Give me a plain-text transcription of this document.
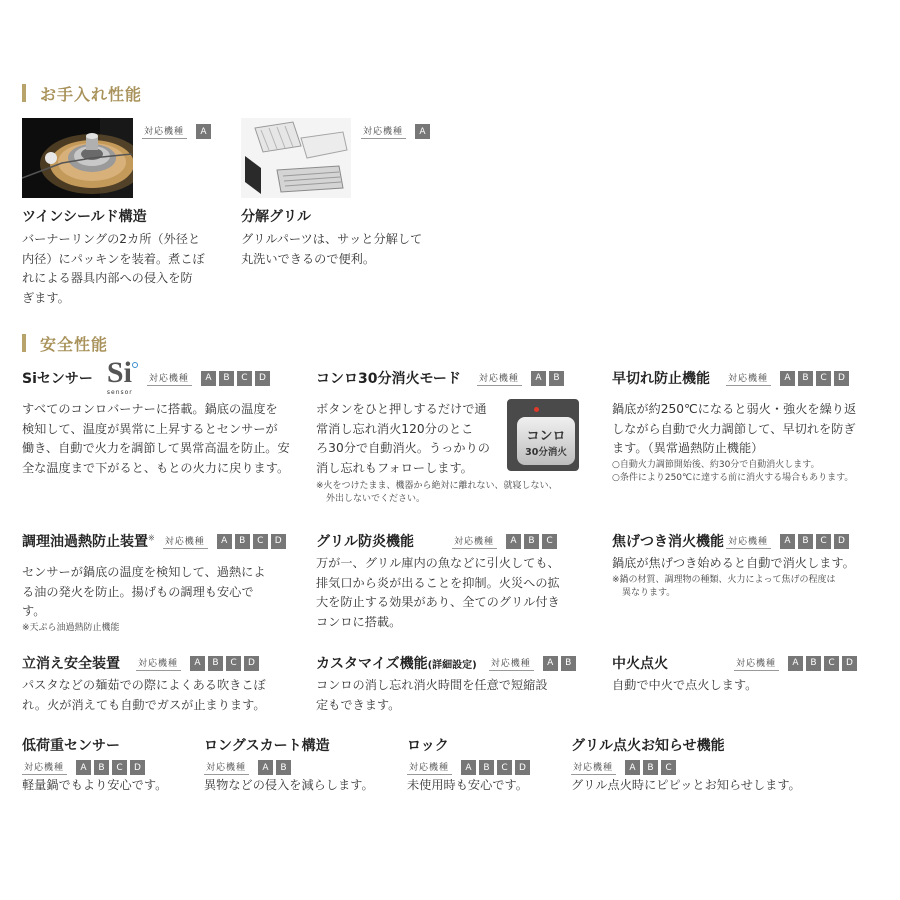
お手入れ性能
対応機種	A
ツインシールド構造
バーナーリングの2カ所（外径と
内径）にパッキンを装着。煮こぼ
れによる器具内部への侵入を防
ぎます。
対応機種	A
分解グリル
グリルパーツは、サッと分解して
丸洗いできるので便利。
安全性能
Siセンサー Si
sensor
対応機種	A	B	C	D
すべてのコンロバーナーに搭載。鍋底の温度を
検知して、温度が異常に上昇するとセンサーが
働き、自動で火力を調節して異常高温を防止。安
全な温度まで下がると、もとの火力に戻ります。
コンロ30分消火モード 対応機種	A	B
ボタンをひと押しするだけで通
常消し忘れ消火120分のとこ
ろ30分で自動消火。うっかりの
消し忘れもフォローします。
※火をつけたまま、機器から絶対に離れない、就寝しない、
外出しないでください。
コンロ
30分消火
早切れ防止機能 対応機種	A	B	C	D
鍋底が約250℃になると弱火・強火を繰り返
しながら自動で火力調節して、早切れを防ぎ
ます。（異常過熱防止機能）
○自動火力調節開始後、約30分で自動消火します。
○条件により250℃に達する前に消火する場合もあります。
調理油過熱防止装置※ 対応機種	A	B	C	D
センサーが鍋底の温度を検知して、過熱によ
る油の発火を防止。揚げもの調理も安心で
す。
※天ぷら油過熱防止機能
グリル防炎機能	対応機種	A	B	C
万が一、グリル庫内の魚などに引火しても、
排気口から炎が出ることを抑制。火災への拡
大を防止する効果があり、全てのグリル付き
コンロに搭載。
焦げつき消火機能 対応機種	A	B	C	D
鍋底が焦げつき始めると自動で消火します。
※鍋の材質、調理物の種類、火力によって焦げの程度は
異なります。
立消え安全装置 対応機種	A	B	C	D
パスタなどの麺茹での際によくある吹きこぼ
れ。火が消えても自動でガスが止まります。
カスタマイズ機能(詳細設定) 対応機種	A	B
コンロの消し忘れ消火時間を任意で短縮設
定もできます。
中火点火	対応機種	A	B	C	D
自動で中火で点火します。
低荷重センサー
対応機種	A	B	C	D
軽量鍋でもより安心です。
ロングスカート構造
対応機種	A	B
異物などの侵入を減らします。
ロック
対応機種	A	B	C	D
未使用時も安心です。
グリル点火お知らせ機能
対応機種	A	B	C
グリル点火時にピピッとお知らせします。
